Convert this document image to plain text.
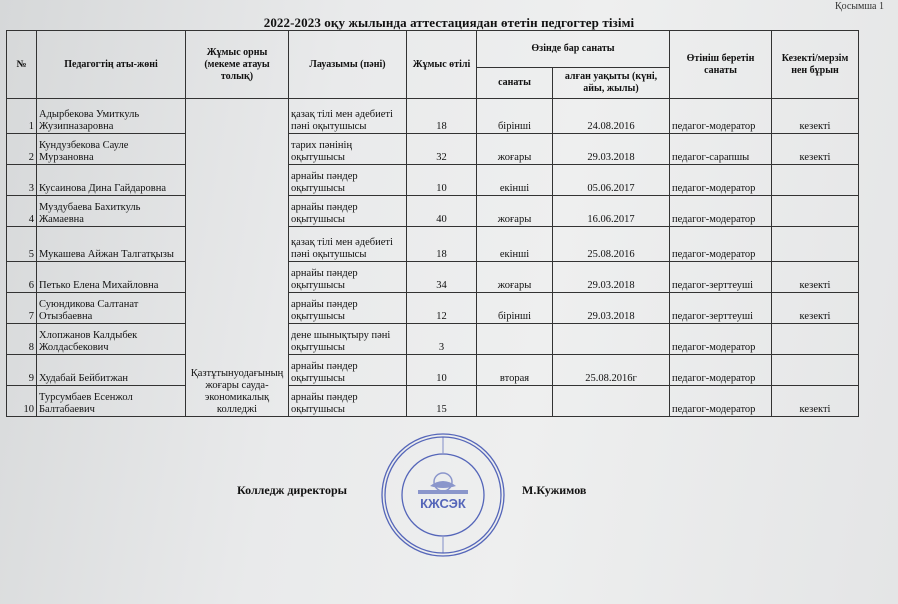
Қосымша 1
2022-2023 оқу жылында аттестациядан өтетін педгогтер тізімі
№	Педагогтің аты-жөні	Жұмыс орны (мекеме атауы толық)	Лауазымы (пәні)	Жұмыс өтілі	Өзінде бар санаты		Өтініш беретін санаты	Кезекті/мерзім нен бұрын
					санаты	алған уақыты (күні, айы, жылы)		
1	Адырбекова Умиткуль Жузипназаровна	Қазтұтынуодағының жоғары сауда-экономикалық колледжі	қазақ тілі мен әдебиеті пәні оқытушысы	18	бірінші	24.08.2016	педагог-модератор	кезекті
2	Кундузбекова Сауле Мурзановна		тарих пәнінің оқытушысы	32	жоғары	29.03.2018	педагог-сарапшы	кезекті
3	Кусаинова Дина Гайдаровна		арнайы пәндер оқытушысы	10	екінші	05.06.2017	педагог-модератор	
4	Муздубаева Бахиткуль Жамаевна		арнайы пәндер оқытушысы	40	жоғары	16.06.2017	педагог-модератор	
5	Мукашева Айжан Талгатқызы		қазақ тілі мен әдебиеті пәні оқытушысы	18	екінші	25.08.2016	педагог-модератор	
6	Петько Елена Михайловна		арнайы пәндер оқытушысы	34	жоғары	29.03.2018	педагог-зерттеуші	кезекті
7	Суюндикова Салтанат Отызбаевна		арнайы пәндер оқытушысы	12	бірінші	29.03.2018	педагог-зерттеуші	кезекті
8	Хлопжанов Калдыбек Жолдасбекович		дене шынықтыру пәні оқытушысы	3			педагог-модератор	
9	Худабай Бейбитжан		арнайы пәндер оқытушысы	10	вторая	25.08.2016г	педагог-модератор	
10	Турсумбаев Есенжол Балтабаевич		арнайы пәндер оқытушысы	15			педагог-модератор	кезекті
Колледж директоры	М.Кужимов
КЖСЭК
